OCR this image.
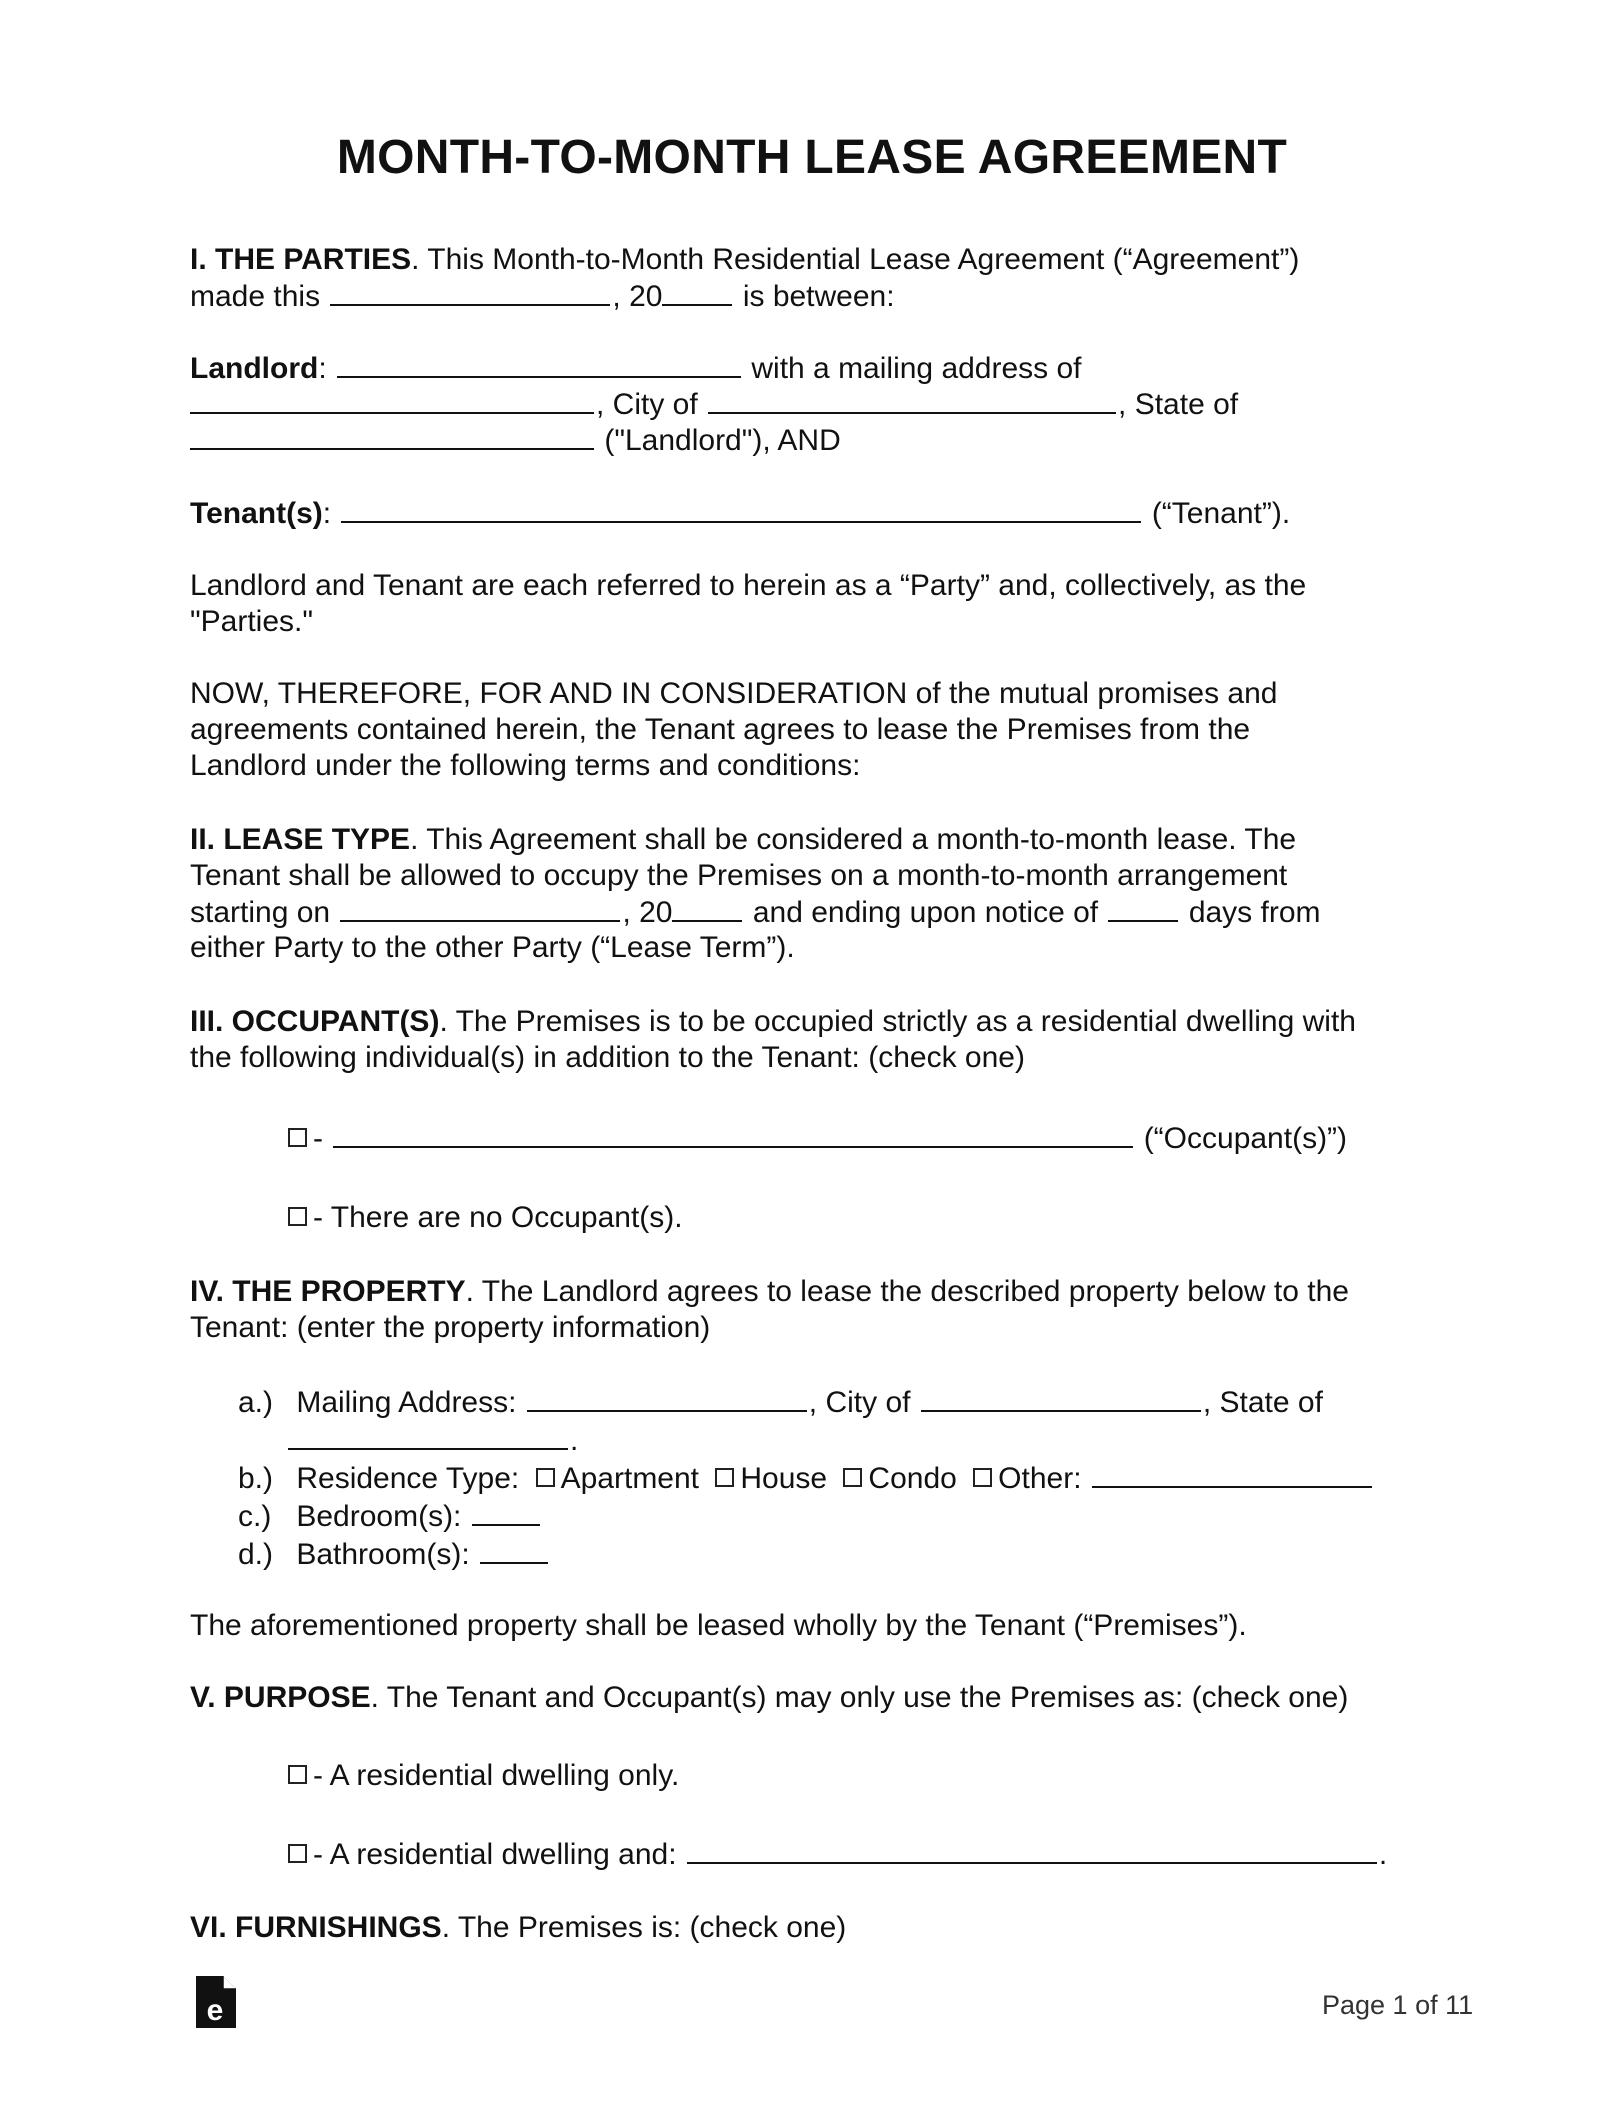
MONTH-TO-MONTH LEASE AGREEMENT
I. THE PARTIES. This Month-to-Month Residential Lease Agreement (“Agreement”)
made this	, 20	is between:
Landlord:	with a mailing address of
, City of	, State of
("Landlord"), AND
Tenant(s):	(“Tenant”).
Landlord and Tenant are each referred to herein as a “Party” and, collectively, as the
"Parties."
NOW, THEREFORE, FOR AND IN CONSIDERATION of the mutual promises and
agreements contained herein, the Tenant agrees to lease the Premises from the
Landlord under the following terms and conditions:
II. LEASE TYPE. This Agreement shall be considered a month-to-month lease. The
Tenant shall be allowed to occupy the Premises on a month-to-month arrangement
starting on	, 20	and ending upon notice of	days from
either Party to the other Party (“Lease Term”).
III. OCCUPANT(S). The Premises is to be occupied strictly as a residential dwelling with
the following individual(s) in addition to the Tenant: (check one)
-	(“Occupant(s)”)
- There are no Occupant(s).
IV. THE PROPERTY. The Landlord agrees to lease the described property below to the
Tenant: (enter the property information)
a.) Mailing Address:	, City of	, State of
.
b.) Residence Type: Apartment House Condo Other:
c.) Bedroom(s):
d.) Bathroom(s):
The aforementioned property shall be leased wholly by the Tenant (“Premises”).
V. PURPOSE. The Tenant and Occupant(s) may only use the Premises as: (check one)
- A residential dwelling only.
- A residential dwelling and:	.
VI. FURNISHINGS. The Premises is: (check one)
e	Page 1 of 11
